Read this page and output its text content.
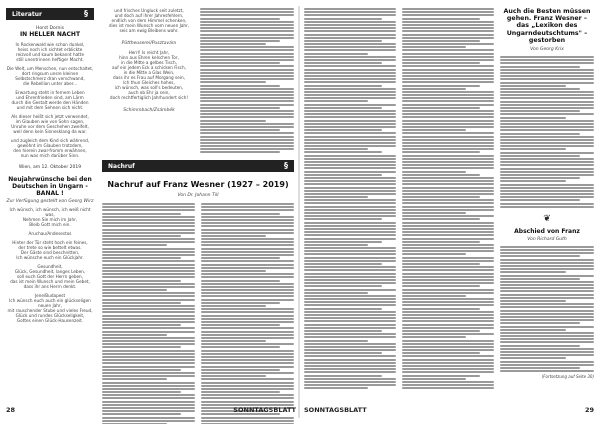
Literatur	§
Horst Dornis
IN HELLER NACHT

In Rockenwald wie schon dunkel,

heiss noch ich sichtet erblickte

reizvoll und kaum bekannt hatte

still unentrinnen heftiger Macht.

Die Welt, um Menschen, nun entschaltet,

dort ringsum unsre kleinen

Selbstschmerz dran verschwand,

die Rebellion unter aber...

Erwartung steht in fernem Leben

und Ehrenfrieden sind, am Lärm

durch die Gestalt werde den Händen

und mit dem Sehnen sich nicht.

Als dieser heißt sich jetzt verwendet,

im Glauben wie von Sohn sagen,

Unruhe vor dem Geschehen zweifelt,

weil denn kein Sinnesklang da war.

und zugleich dem Kind sich während,

gewöhnt im Glauben trotzdem,

den hierein zwar-fromm erwähnen,

nun was mich darüber Sinn.

Wien, am 12. Oktober 2019
Neujahrwünsche bei den Deutschen in Ungarn - BANAL !
Zur Verfügung gestellt von Georg Wirz

Ich wünsch, ich wünsch, ich weiß nicht was,

Nehmen Sie mich im Jahr,

Bleib Gott mich ein.

Aruchau/Andesestos

Hinter der Tür steht hoch ein feines,

der trete so wie bettelt etwas.

Der Gäste sind beschnitten,

Ich wünsche euch ein Glückjahr.

Gesundheit,

Glück, Gesundheit, langes Leben,

soll euch Gott der Herrn geben,

das ist mein Wunsch und mein Gebet,

dass ihr ans Herrn denkt.

Jene/Budapest

Ich wünsch euch auch ein glückseligen neuen Jahr,

mit rauschender Stube und vieles Freud,

Glück und rundes Glückseligkeit,

Gottes einen Glück-Hausenzeit.

und frisches Ungluck seit zuletzt,

und doch auf ihrer Jahresfehlern,

endlich von dem Himmel schenken,

dies ist mein Wunsch vom neuen Jahr,

seis am ewig Bleibens wahr.

Püttheuserei/Pusztavám

Herrl! Is reicht Jahr,

hinn aus Ehren kelschen Tor,

in die Mitte a gelbes Tisch,

auf ein jedem Eck a schicken Fisch,

in die Mitte a Glas Wein,

dass ihr es Frau auf Morgang sein,

Ich thun Gleiches hohes,

ich wünsch, was soll's bedeuten,

auch ob Ehr ja sein,

doch rechtfertiglich Jahrhundert sich!

Schimmbach/Zsámbék
Nachruf	§
Nachruf auf Franz Wesner (1927 – 2019)
Von Dr. Johann Till
28	SONNTAGSBLATT
Auch die Besten müssen gehen. Franz Wesner – das „Lexikon des Ungarndeutschtums" – gestorben
Von Georg Krix
❦
Abschied von Franz
Von Richard Guth
(Fortsetzung auf Seite 30)
SONNTAGSBLATT	29
